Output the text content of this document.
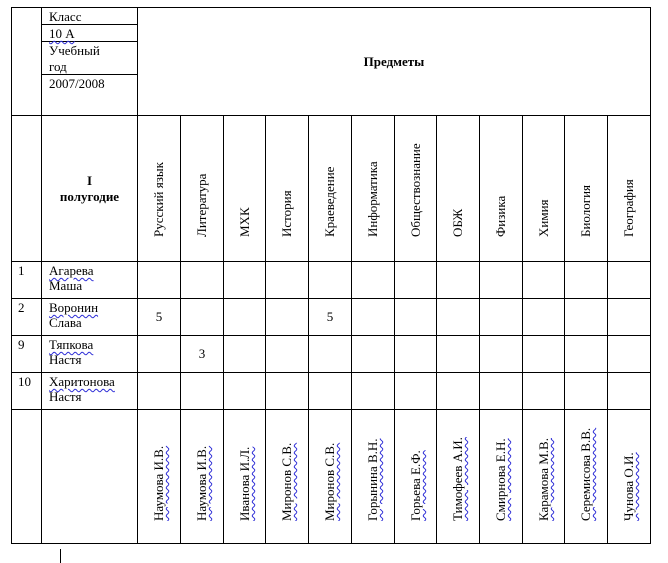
	Класс
10 А
Учебный
год
2007/2008	Предметы											

	I
полугодие	Русский язык	Литература	МХК	История	Краеведение	Информатика	Обществознание	ОБЖ	Физика	Химия	Биология	География

1	Агарева
Маша												

2	Воронин
Слава	5				5							
9	Тяпкова
Настя		3										
10	Харитонова
Настя												

		Наумова И.В.	Наумова И.В.	Иванова И.Л.	Миронов С.В.	Миронов С.В.	Горынина В.Н.	Горьева Е.Ф.	Тимофеев А.И.	Смирнова Е.Н.	Карамова М.В.	Серемисова В.В.	Чунова О.И.
